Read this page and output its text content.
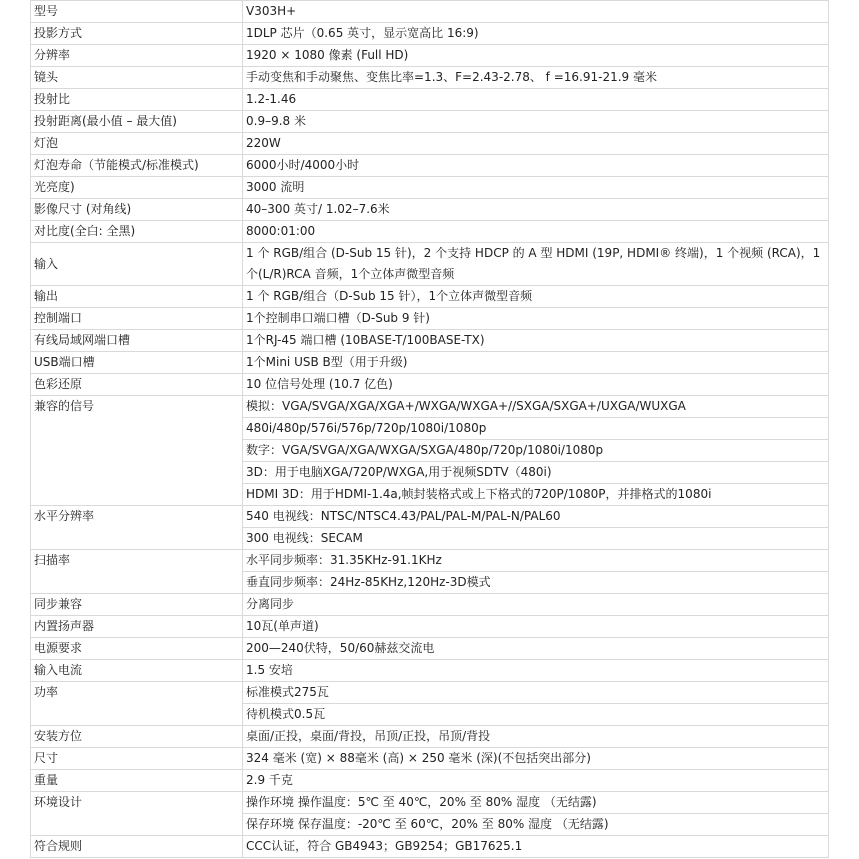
型号	V303H+
投影方式	1DLP 芯片（0.65 英寸，显示宽高比 16:9)
分辨率	1920 × 1080 像素 (Full HD)
镜头	手动变焦和手动聚焦、变焦比率=1.3、F=2.43-2.78、 f =16.91-21.9 毫米
投射比	1.2-1.46
投射距离(最小值 – 最大值)	0.9–9.8 米
灯泡	220W
灯泡寿命（节能模式/标准模式)	6000小时/4000小时
光亮度)	3000 流明
影像尺寸 (对角线)	40–300 英寸/ 1.02–7.6米
对比度(全白: 全黑)	8000:01:00
输入	1 个 RGB/组合 (D-Sub 15 针)，2 个支持 HDCP 的 A 型 HDMI (19P, HDMI® 终端)，1 个视频 (RCA)，1个(L/R)RCA 音频，1个立体声微型音频
输出	1 个 RGB/组合（D-Sub 15 针），1个立体声微型音频
控制端口	1个控制串口端口槽（D-Sub 9 针)
有线局域网端口槽	1个RJ-45 端口槽 (10BASE-T/100BASE-TX)
USB端口槽	1个Mini USB B型（用于升级)
色彩还原	10 位信号处理 (10.7 亿色)
兼容的信号	模拟：VGA/SVGA/XGA/XGA+/WXGA/WXGA+//SXGA/SXGA+/UXGA/WUXGA
	480i/480p/576i/576p/720p/1080i/1080p
	数字：VGA/SVGA/XGA/WXGA/SXGA/480p/720p/1080i/1080p
	3D：用于电脑XGA/720P/WXGA,用于视频SDTV（480i)
	HDMI 3D：用于HDMI-1.4a,帧封装格式或上下格式的720P/1080P，并排格式的1080i
水平分辨率	540 电视线：NTSC/NTSC4.43/PAL/PAL-M/PAL-N/PAL60
	300 电视线：SECAM
扫描率	水平同步频率：31.35KHz-91.1KHz
	垂直同步频率：24Hz-85KHz,120Hz-3D模式
同步兼容	分离同步
内置扬声器	10瓦(单声道)
电源要求	200—240伏特，50/60赫兹交流电
输入电流	1.5 安培
功率	标准模式275瓦
	待机模式0.5瓦
安装方位	桌面/正投，桌面/背投，吊顶/正投，吊顶/背投
尺寸	324 毫米 (宽) × 88毫米 (高) × 250 毫米 (深)(不包括突出部分)
重量	2.9 千克
环境设计	操作环境 操作温度：5℃ 至 40℃，20% 至 80% 湿度 （无结露)
	保存环境 保存温度：-20℃ 至 60℃，20% 至 80% 湿度 （无结露)
符合规则	CCC认证，符合 GB4943；GB9254；GB17625.1
